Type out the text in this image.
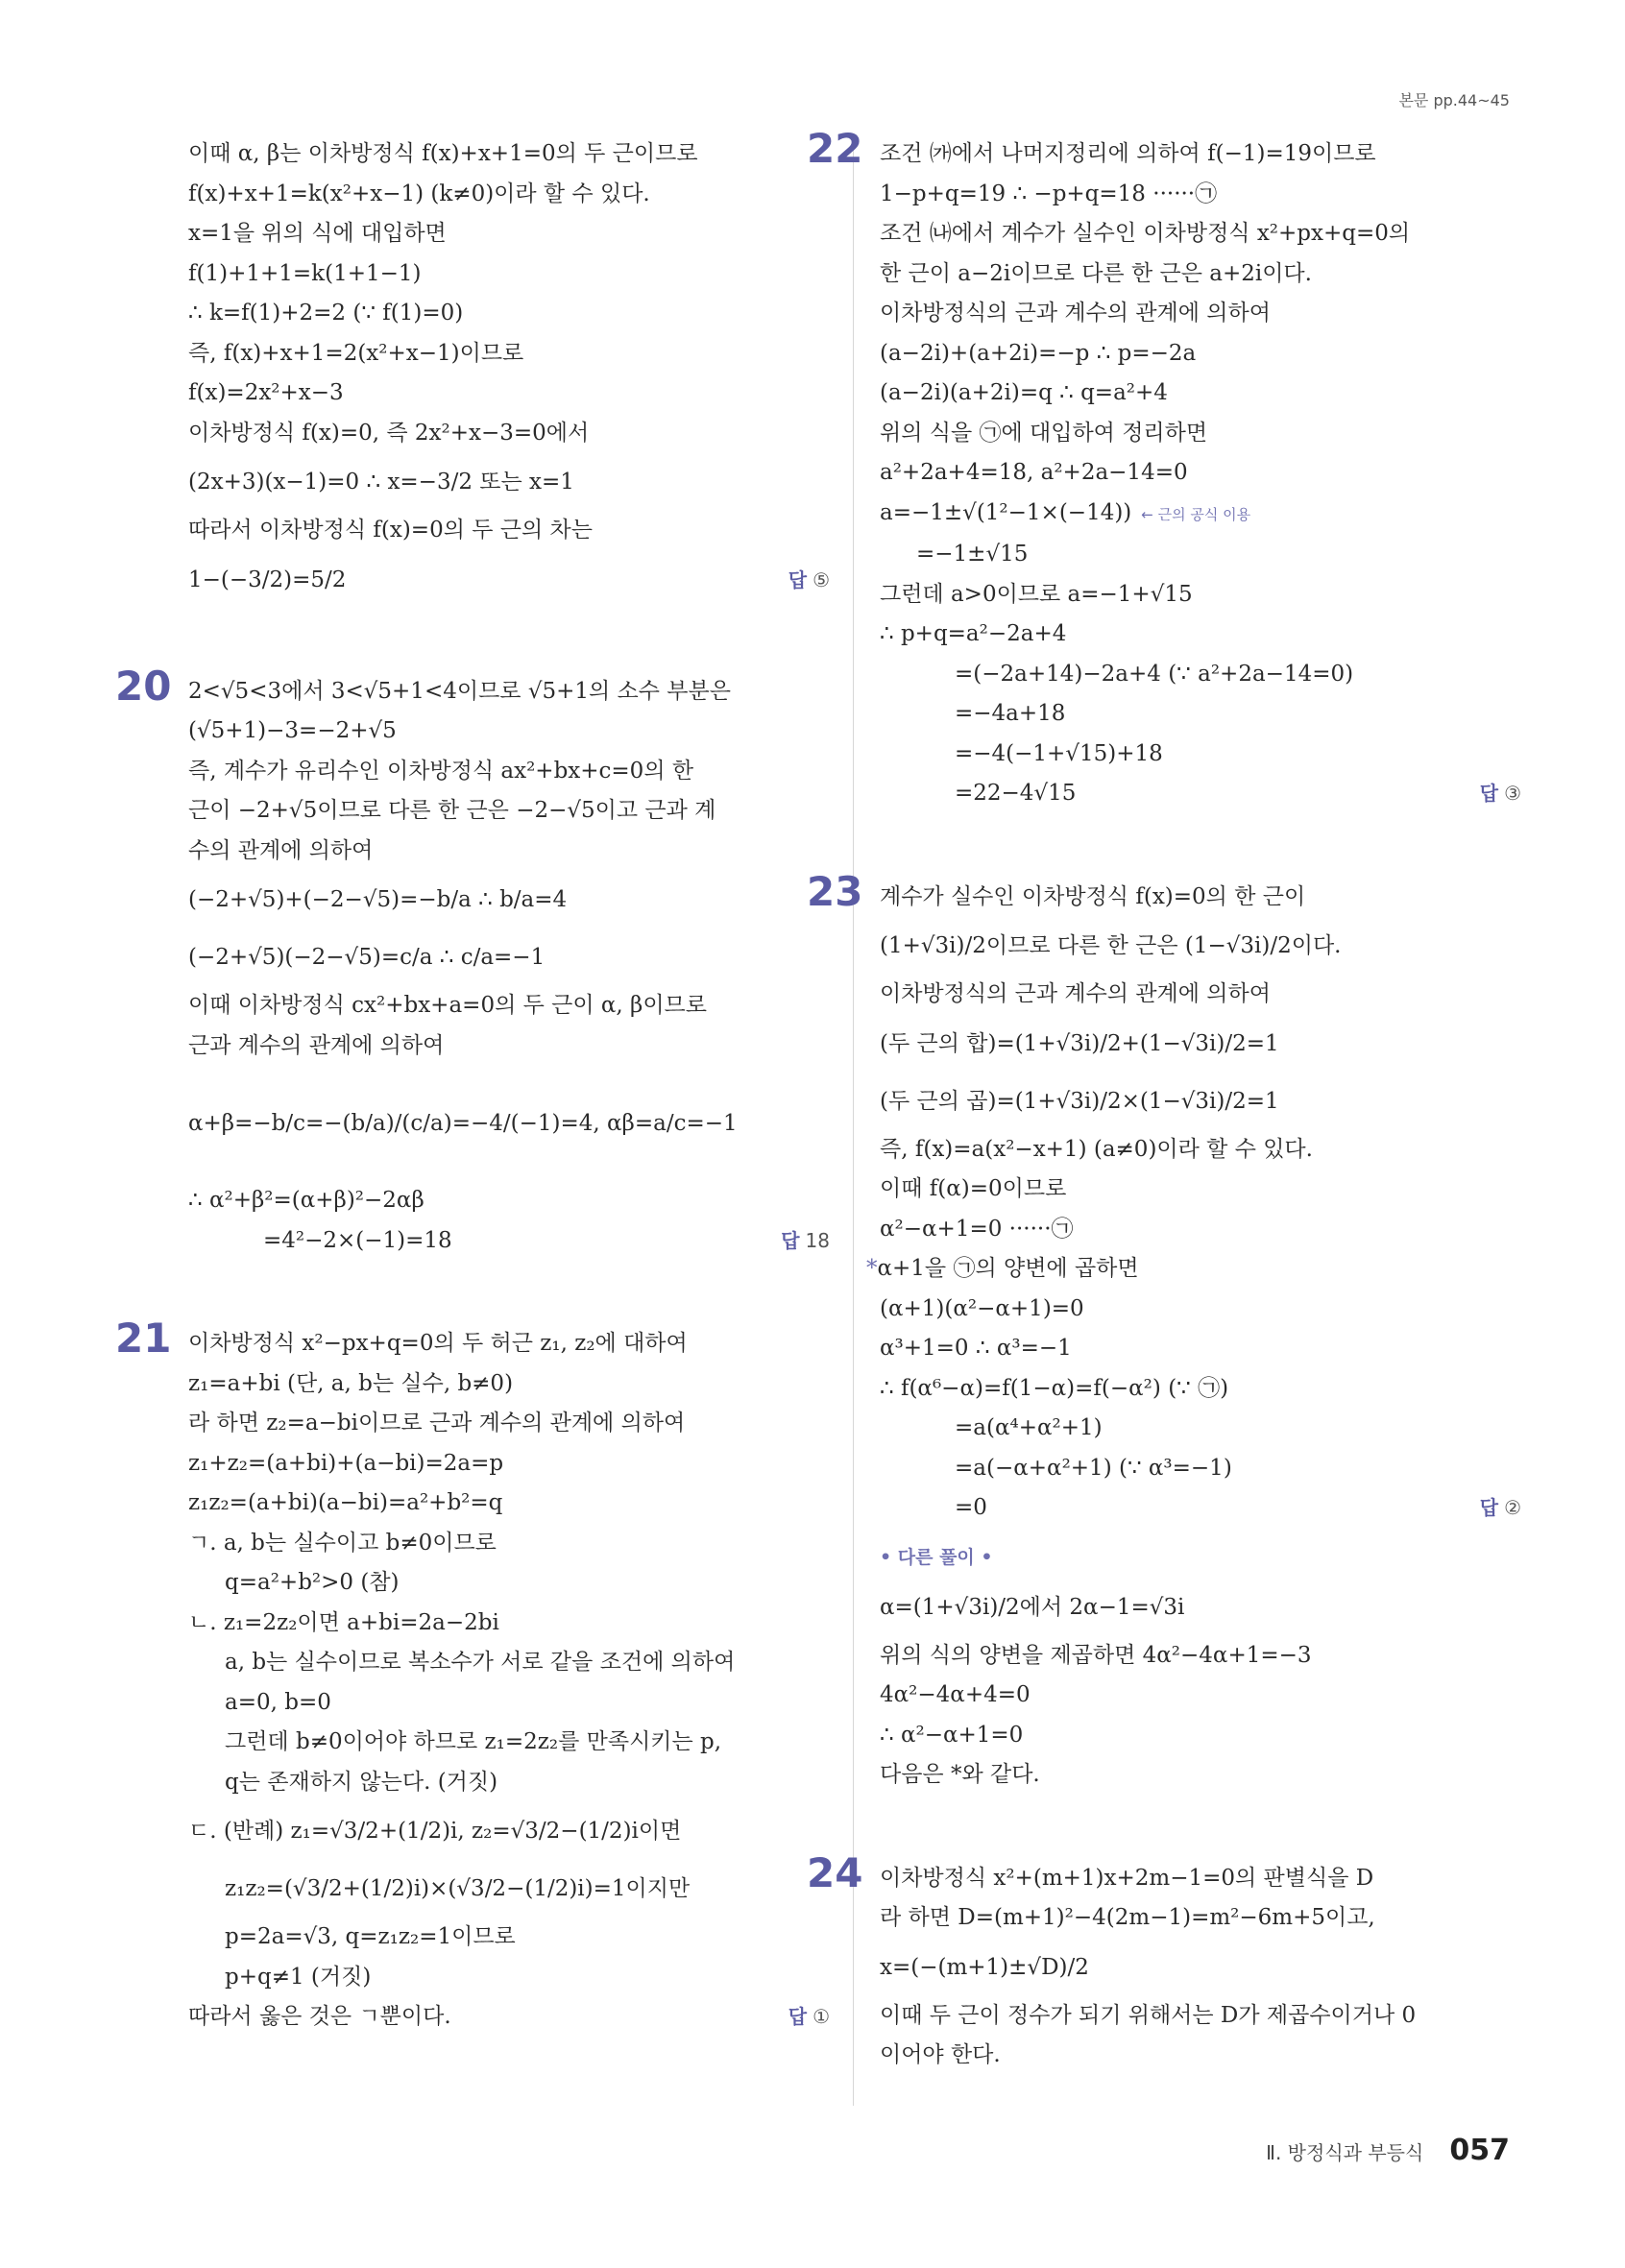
본문 pp.44~45
이때 α, β는 이차방정식 f(x)+x+1=0의 두 근이므로
f(x)+x+1=k(x²+x−1) (k≠0)이라 할 수 있다.
x=1을 위의 식에 대입하면
f(1)+1+1=k(1+1−1)
∴ k=f(1)+2=2 (∵ f(1)=0)
즉, f(x)+x+1=2(x²+x−1)이므로
f(x)=2x²+x−3
이차방정식 f(x)=0, 즉 2x²+x−3=0에서
(2x+3)(x−1)=0 ∴ x=−3/2 또는 x=1
따라서 이차방정식 f(x)=0의 두 근의 차는
1−(−3/2)=5/2	답 ⑤
20 2<√5<3에서 3<√5+1<4이므로 √5+1의 소수 부분은
(√5+1)−3=−2+√5
즉, 계수가 유리수인 이차방정식 ax²+bx+c=0의 한
근이 −2+√5이므로 다른 한 근은 −2−√5이고 근과 계
수의 관계에 의하여
(−2+√5)+(−2−√5)=−b/a ∴ b/a=4
(−2+√5)(−2−√5)=c/a ∴ c/a=−1
이때 이차방정식 cx²+bx+a=0의 두 근이 α, β이므로
근과 계수의 관계에 의하여
α+β=−b/c=−(b/a)/(c/a)=−4/(−1)=4, αβ=a/c=−1
∴ α²+β²=(α+β)²−2αβ
=4²−2×(−1)=18	답 18
21 이차방정식 x²−px+q=0의 두 허근 z₁, z₂에 대하여
z₁=a+bi (단, a, b는 실수, b≠0)
라 하면 z₂=a−bi이므로 근과 계수의 관계에 의하여
z₁+z₂=(a+bi)+(a−bi)=2a=p
z₁z₂=(a+bi)(a−bi)=a²+b²=q
ㄱ. a, b는 실수이고 b≠0이므로
q=a²+b²>0 (참)
ㄴ. z₁=2z₂이면 a+bi=2a−2bi
a, b는 실수이므로 복소수가 서로 같을 조건에 의하여
a=0, b=0
그런데 b≠0이어야 하므로 z₁=2z₂를 만족시키는 p,
q는 존재하지 않는다. (거짓)
ㄷ. (반례) z₁=√3/2+(1/2)i, z₂=√3/2−(1/2)i이면
z₁z₂=(√3/2+(1/2)i)×(√3/2−(1/2)i)=1이지만
p=2a=√3, q=z₁z₂=1이므로
p+q≠1 (거짓)
따라서 옳은 것은 ㄱ뿐이다.	답 ①
22 조건 ㈎에서 나머지정리에 의하여 f(−1)=19이므로
1−p+q=19 ∴ −p+q=18 ······㉠
조건 ㈏에서 계수가 실수인 이차방정식 x²+px+q=0의
한 근이 a−2i이므로 다른 한 근은 a+2i이다.
이차방정식의 근과 계수의 관계에 의하여
(a−2i)+(a+2i)=−p ∴ p=−2a
(a−2i)(a+2i)=q ∴ q=a²+4
위의 식을 ㉠에 대입하여 정리하면
a²+2a+4=18, a²+2a−14=0
a=−1±√(1²−1×(−14)) ← 근의 공식 이용
=−1±√15
그런데 a>0이므로 a=−1+√15
∴ p+q=a²−2a+4
=(−2a+14)−2a+4 (∵ a²+2a−14=0)
=−4a+18
=−4(−1+√15)+18
=22−4√15	답 ③
23 계수가 실수인 이차방정식 f(x)=0의 한 근이
(1+√3i)/2이므로 다른 한 근은 (1−√3i)/2이다.
이차방정식의 근과 계수의 관계에 의하여
(두 근의 합)=(1+√3i)/2+(1−√3i)/2=1
(두 근의 곱)=(1+√3i)/2×(1−√3i)/2=1
즉, f(x)=a(x²−x+1) (a≠0)이라 할 수 있다.
이때 f(α)=0이므로
α²−α+1=0 ······㉠
*α+1을 ㉠의 양변에 곱하면
(α+1)(α²−α+1)=0
α³+1=0 ∴ α³=−1
∴ f(α⁶−α)=f(1−α)=f(−α²) (∵ ㉠)
=a(α⁴+α²+1)
=a(−α+α²+1) (∵ α³=−1)
=0	답 ②
• 다른 풀이 •
α=(1+√3i)/2에서 2α−1=√3i
위의 식의 양변을 제곱하면 4α²−4α+1=−3
4α²−4α+4=0
∴ α²−α+1=0
다음은 *와 같다.
24 이차방정식 x²+(m+1)x+2m−1=0의 판별식을 D
라 하면 D=(m+1)²−4(2m−1)=m²−6m+5이고,
x=(−(m+1)±√D)/2
이때 두 근이 정수가 되기 위해서는 D가 제곱수이거나 0
이어야 한다.
Ⅱ. 방정식과 부등식 057
